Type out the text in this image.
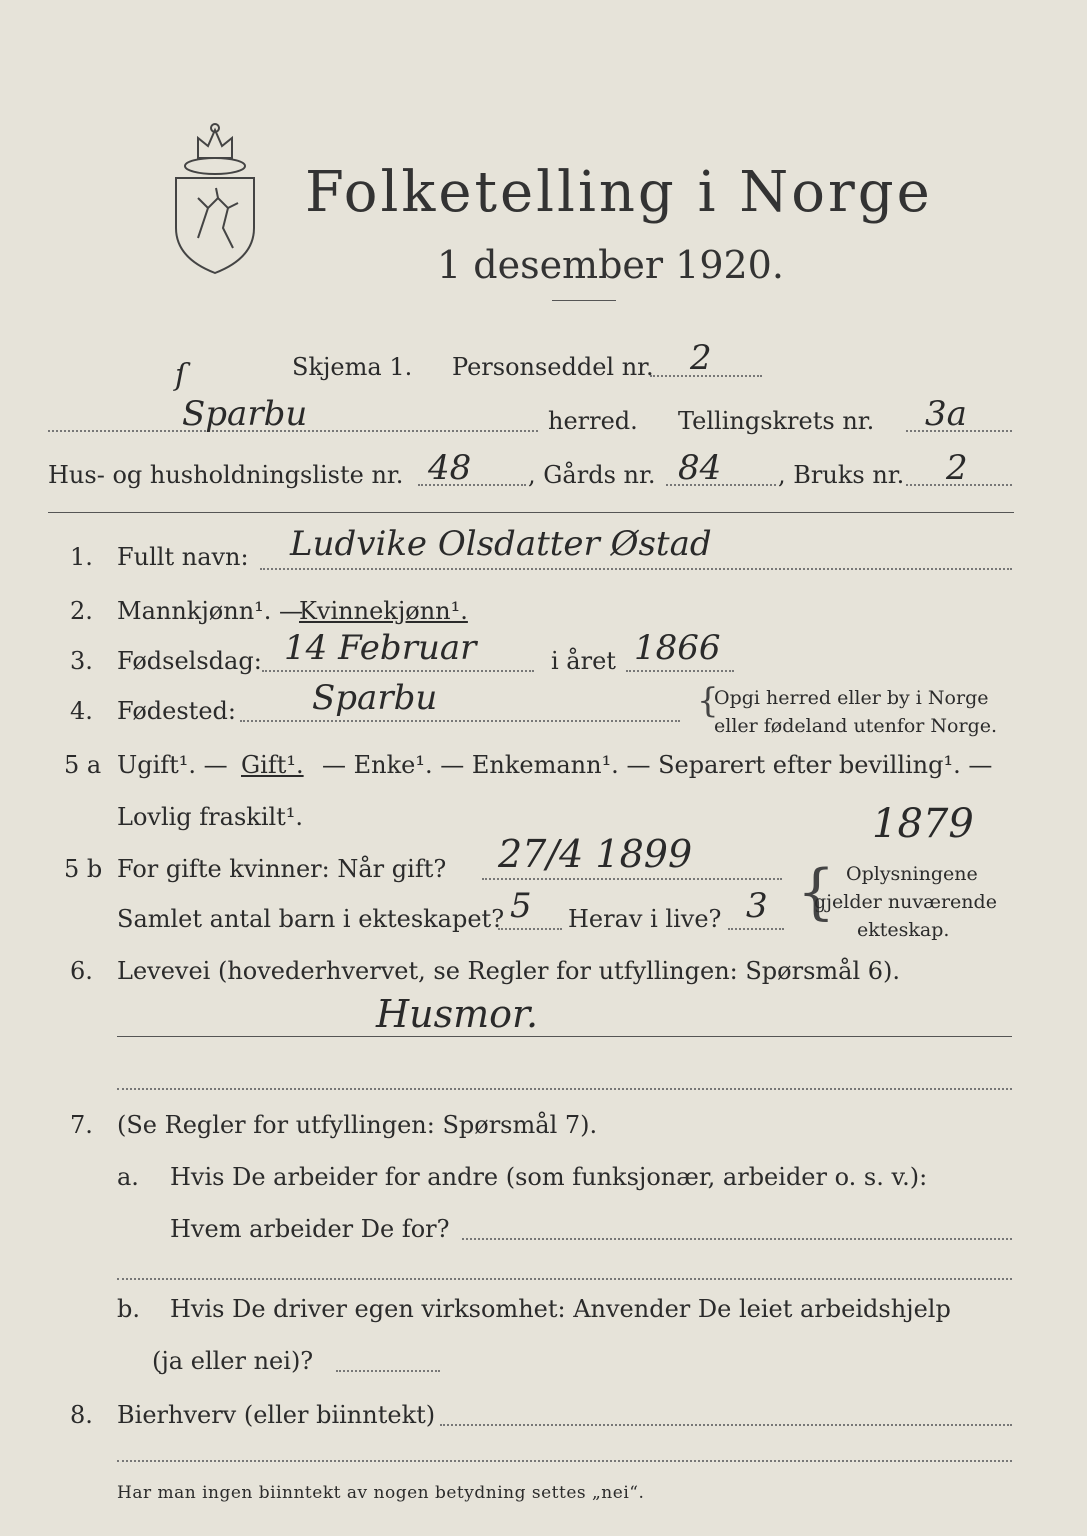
Folketelling i Norge
1 desember 1920.
ſ	Skjema 1. Personseddel nr. 2
Sparbu	herred. Tellingskrets nr. 3a
Hus- og husholdningsliste nr. 48 , Gårds nr. 84 , Bruks nr. 2
1. Fullt navn: Ludvike Olsdatter Østad
2. Mannkjønn¹. —
Kvinnekjønn¹.
3. Fødselsdag: 14 Februar	i året 1866
4. Fødested: Sparbu	{
Opgi herred eller by i Norge
eller fødeland utenfor Norge.
5 a Ugift¹. — Gift¹. — Enke¹. — Enkemann¹. — Separert efter bevilling¹. —
Lovlig fraskilt¹.	1879
5 b For gifte kvinner: Når gift? 27/4 1899
Samlet antal barn i ekteskapet? 5 Herav i live? 3 { Oplysningene
gjelder nuværende
ekteskap.
6. Levevei (hovederhvervet, se Regler for utfyllingen: Spørsmål 6).
Husmor.
7. (Se Regler for utfyllingen: Spørsmål 7).
a. Hvis De arbeider for andre (som funksjonær, arbeider o. s. v.):
Hvem arbeider De for?
b. Hvis De driver egen virksomhet: Anvender De leiet arbeidshjelp
(ja eller nei)?
8. Bierhverv (eller biinntekt)
Har man ingen biinntekt av nogen betydning settes „nei“.
